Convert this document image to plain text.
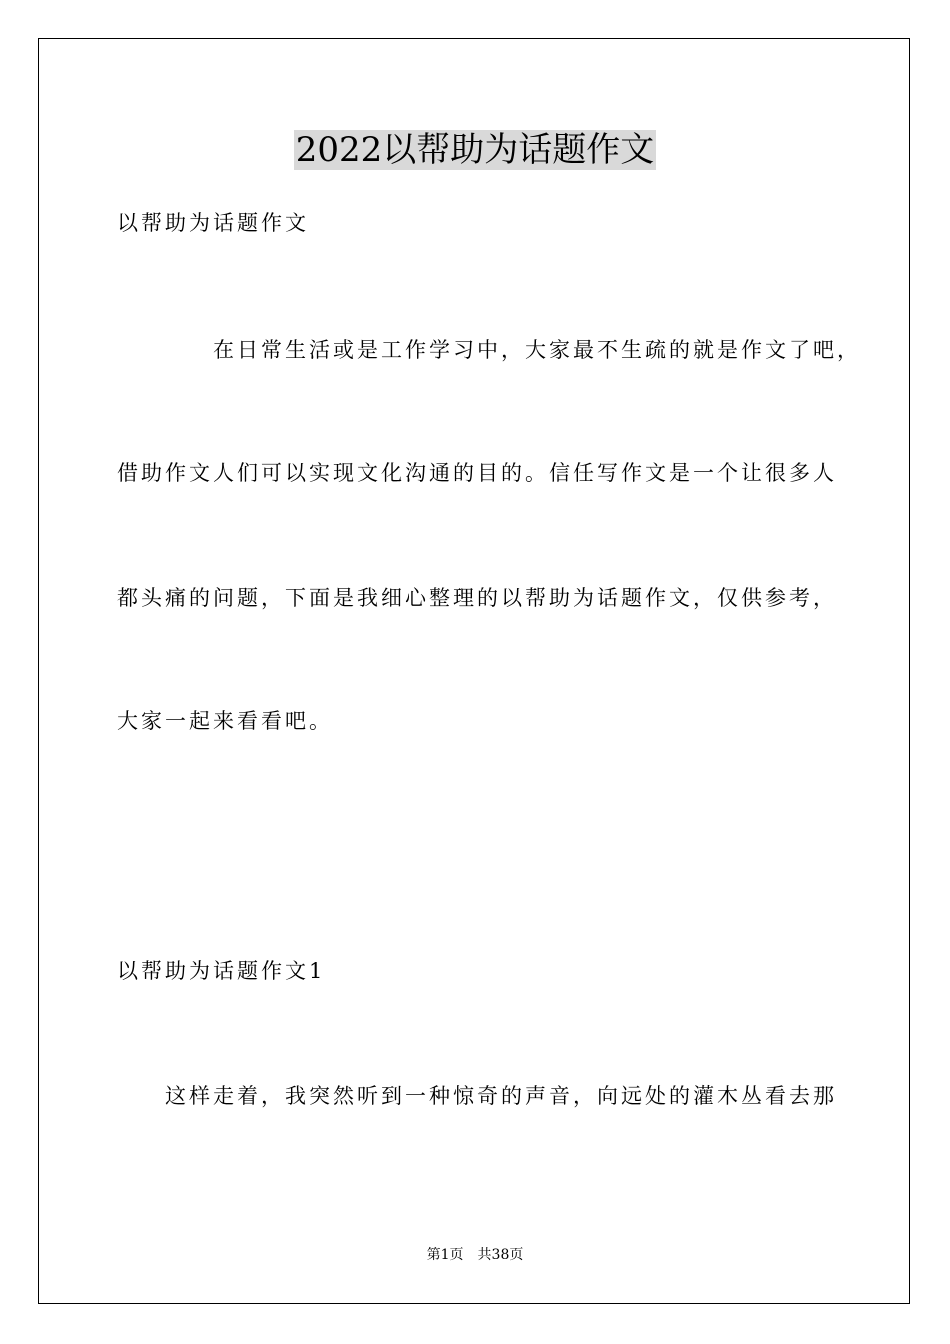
2022以帮助为话题作文
以帮助为话题作文
在日常生活或是工作学习中，大家最不生疏的就是作文了吧，
借助作文人们可以实现文化沟通的目的。信任写作文是一个让很多人
都头痛的问题，下面是我细心整理的以帮助为话题作文，仅供参考，
大家一起来看看吧。
以帮助为话题作文1
这样走着，我突然听到一种惊奇的声音，向远处的灌木丛看去那
第1页　共38页
